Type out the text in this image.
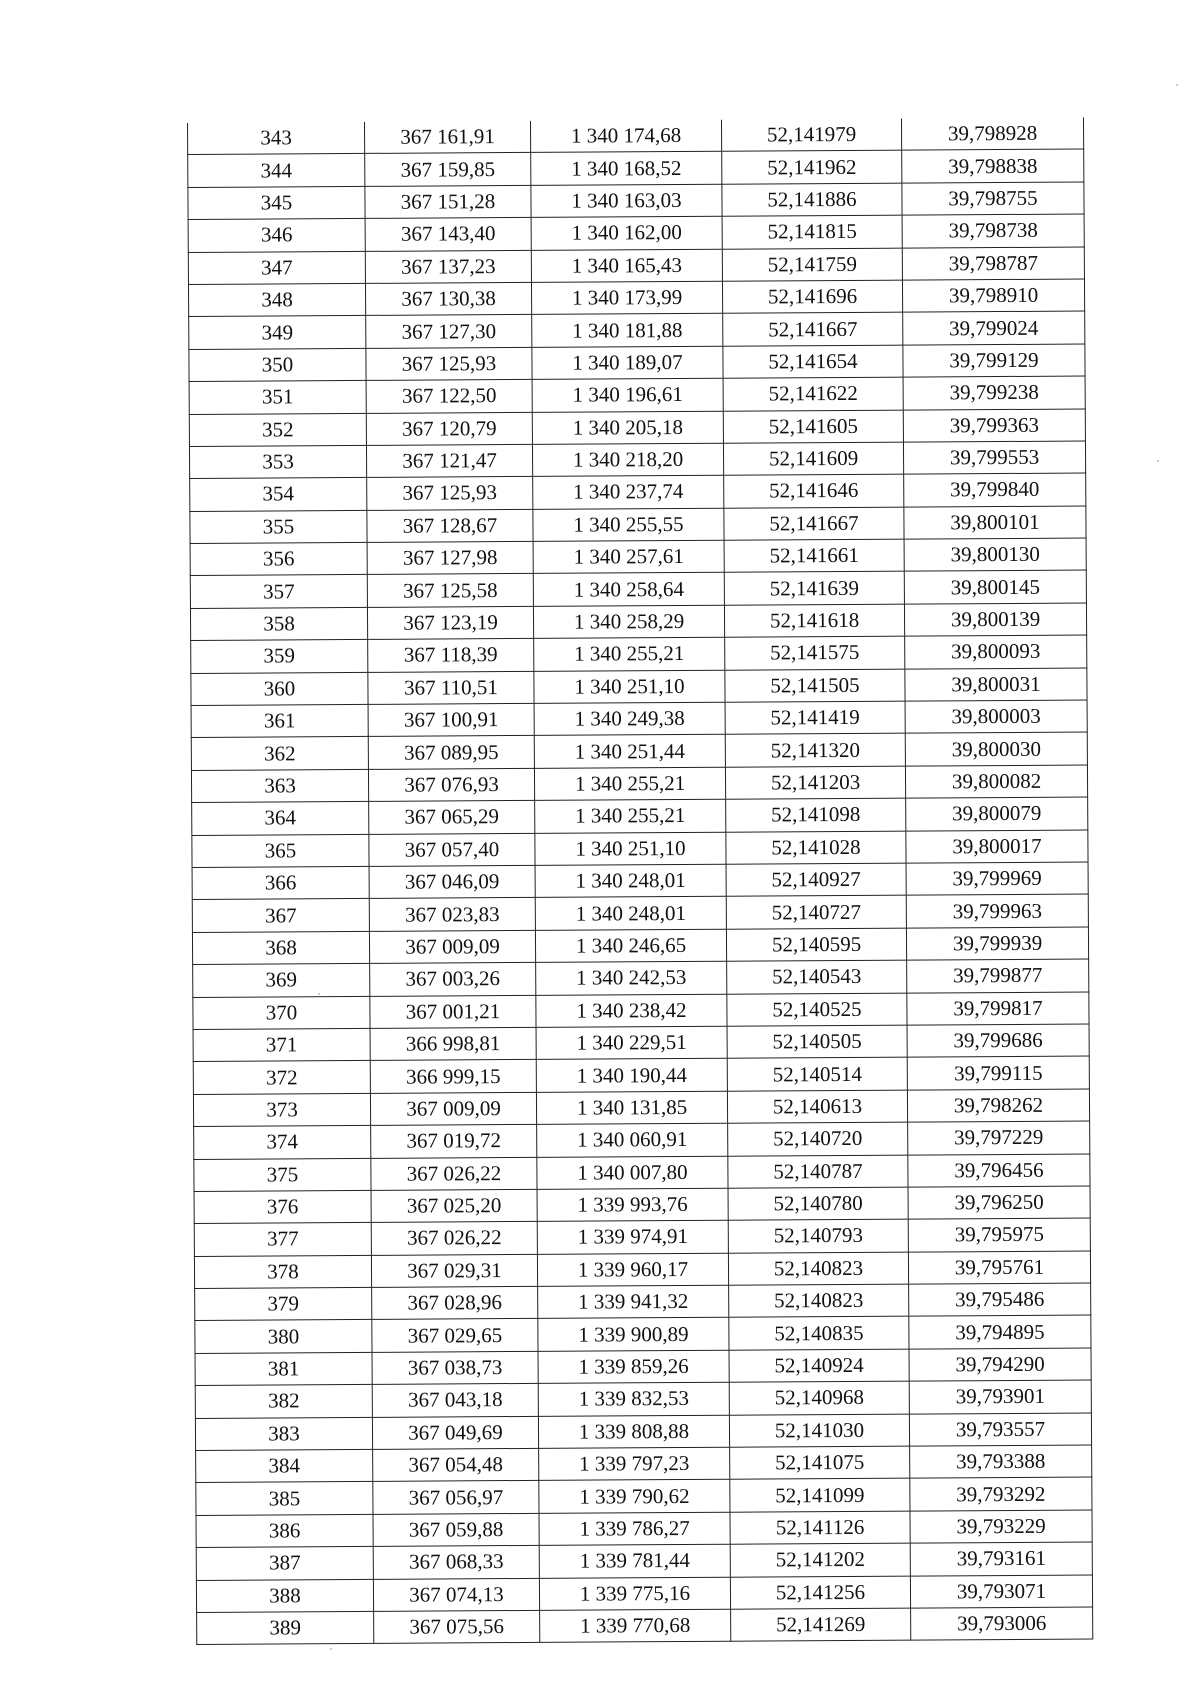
343	367 161,91	1 340 174,68	52,141979	39,798928
344	367 159,85	1 340 168,52	52,141962	39,798838
345	367 151,28	1 340 163,03	52,141886	39,798755
346	367 143,40	1 340 162,00	52,141815	39,798738
347	367 137,23	1 340 165,43	52,141759	39,798787
348	367 130,38	1 340 173,99	52,141696	39,798910
349	367 127,30	1 340 181,88	52,141667	39,799024
350	367 125,93	1 340 189,07	52,141654	39,799129
351	367 122,50	1 340 196,61	52,141622	39,799238
352	367 120,79	1 340 205,18	52,141605	39,799363
353	367 121,47	1 340 218,20	52,141609	39,799553
354	367 125,93	1 340 237,74	52,141646	39,799840
355	367 128,67	1 340 255,55	52,141667	39,800101
356	367 127,98	1 340 257,61	52,141661	39,800130
357	367 125,58	1 340 258,64	52,141639	39,800145
358	367 123,19	1 340 258,29	52,141618	39,800139
359	367 118,39	1 340 255,21	52,141575	39,800093
360	367 110,51	1 340 251,10	52,141505	39,800031
361	367 100,91	1 340 249,38	52,141419	39,800003
362	367 089,95	1 340 251,44	52,141320	39,800030
363	367 076,93	1 340 255,21	52,141203	39,800082
364	367 065,29	1 340 255,21	52,141098	39,800079
365	367 057,40	1 340 251,10	52,141028	39,800017
366	367 046,09	1 340 248,01	52,140927	39,799969
367	367 023,83	1 340 248,01	52,140727	39,799963
368	367 009,09	1 340 246,65	52,140595	39,799939
369	367 003,26	1 340 242,53	52,140543	39,799877
370	367 001,21	1 340 238,42	52,140525	39,799817
371	366 998,81	1 340 229,51	52,140505	39,799686
372	366 999,15	1 340 190,44	52,140514	39,799115
373	367 009,09	1 340 131,85	52,140613	39,798262
374	367 019,72	1 340 060,91	52,140720	39,797229
375	367 026,22	1 340 007,80	52,140787	39,796456
376	367 025,20	1 339 993,76	52,140780	39,796250
377	367 026,22	1 339 974,91	52,140793	39,795975
378	367 029,31	1 339 960,17	52,140823	39,795761
379	367 028,96	1 339 941,32	52,140823	39,795486
380	367 029,65	1 339 900,89	52,140835	39,794895
381	367 038,73	1 339 859,26	52,140924	39,794290
382	367 043,18	1 339 832,53	52,140968	39,793901
383	367 049,69	1 339 808,88	52,141030	39,793557
384	367 054,48	1 339 797,23	52,141075	39,793388
385	367 056,97	1 339 790,62	52,141099	39,793292
386	367 059,88	1 339 786,27	52,141126	39,793229
387	367 068,33	1 339 781,44	52,141202	39,793161
388	367 074,13	1 339 775,16	52,141256	39,793071
389	367 075,56	1 339 770,68	52,141269	39,793006
